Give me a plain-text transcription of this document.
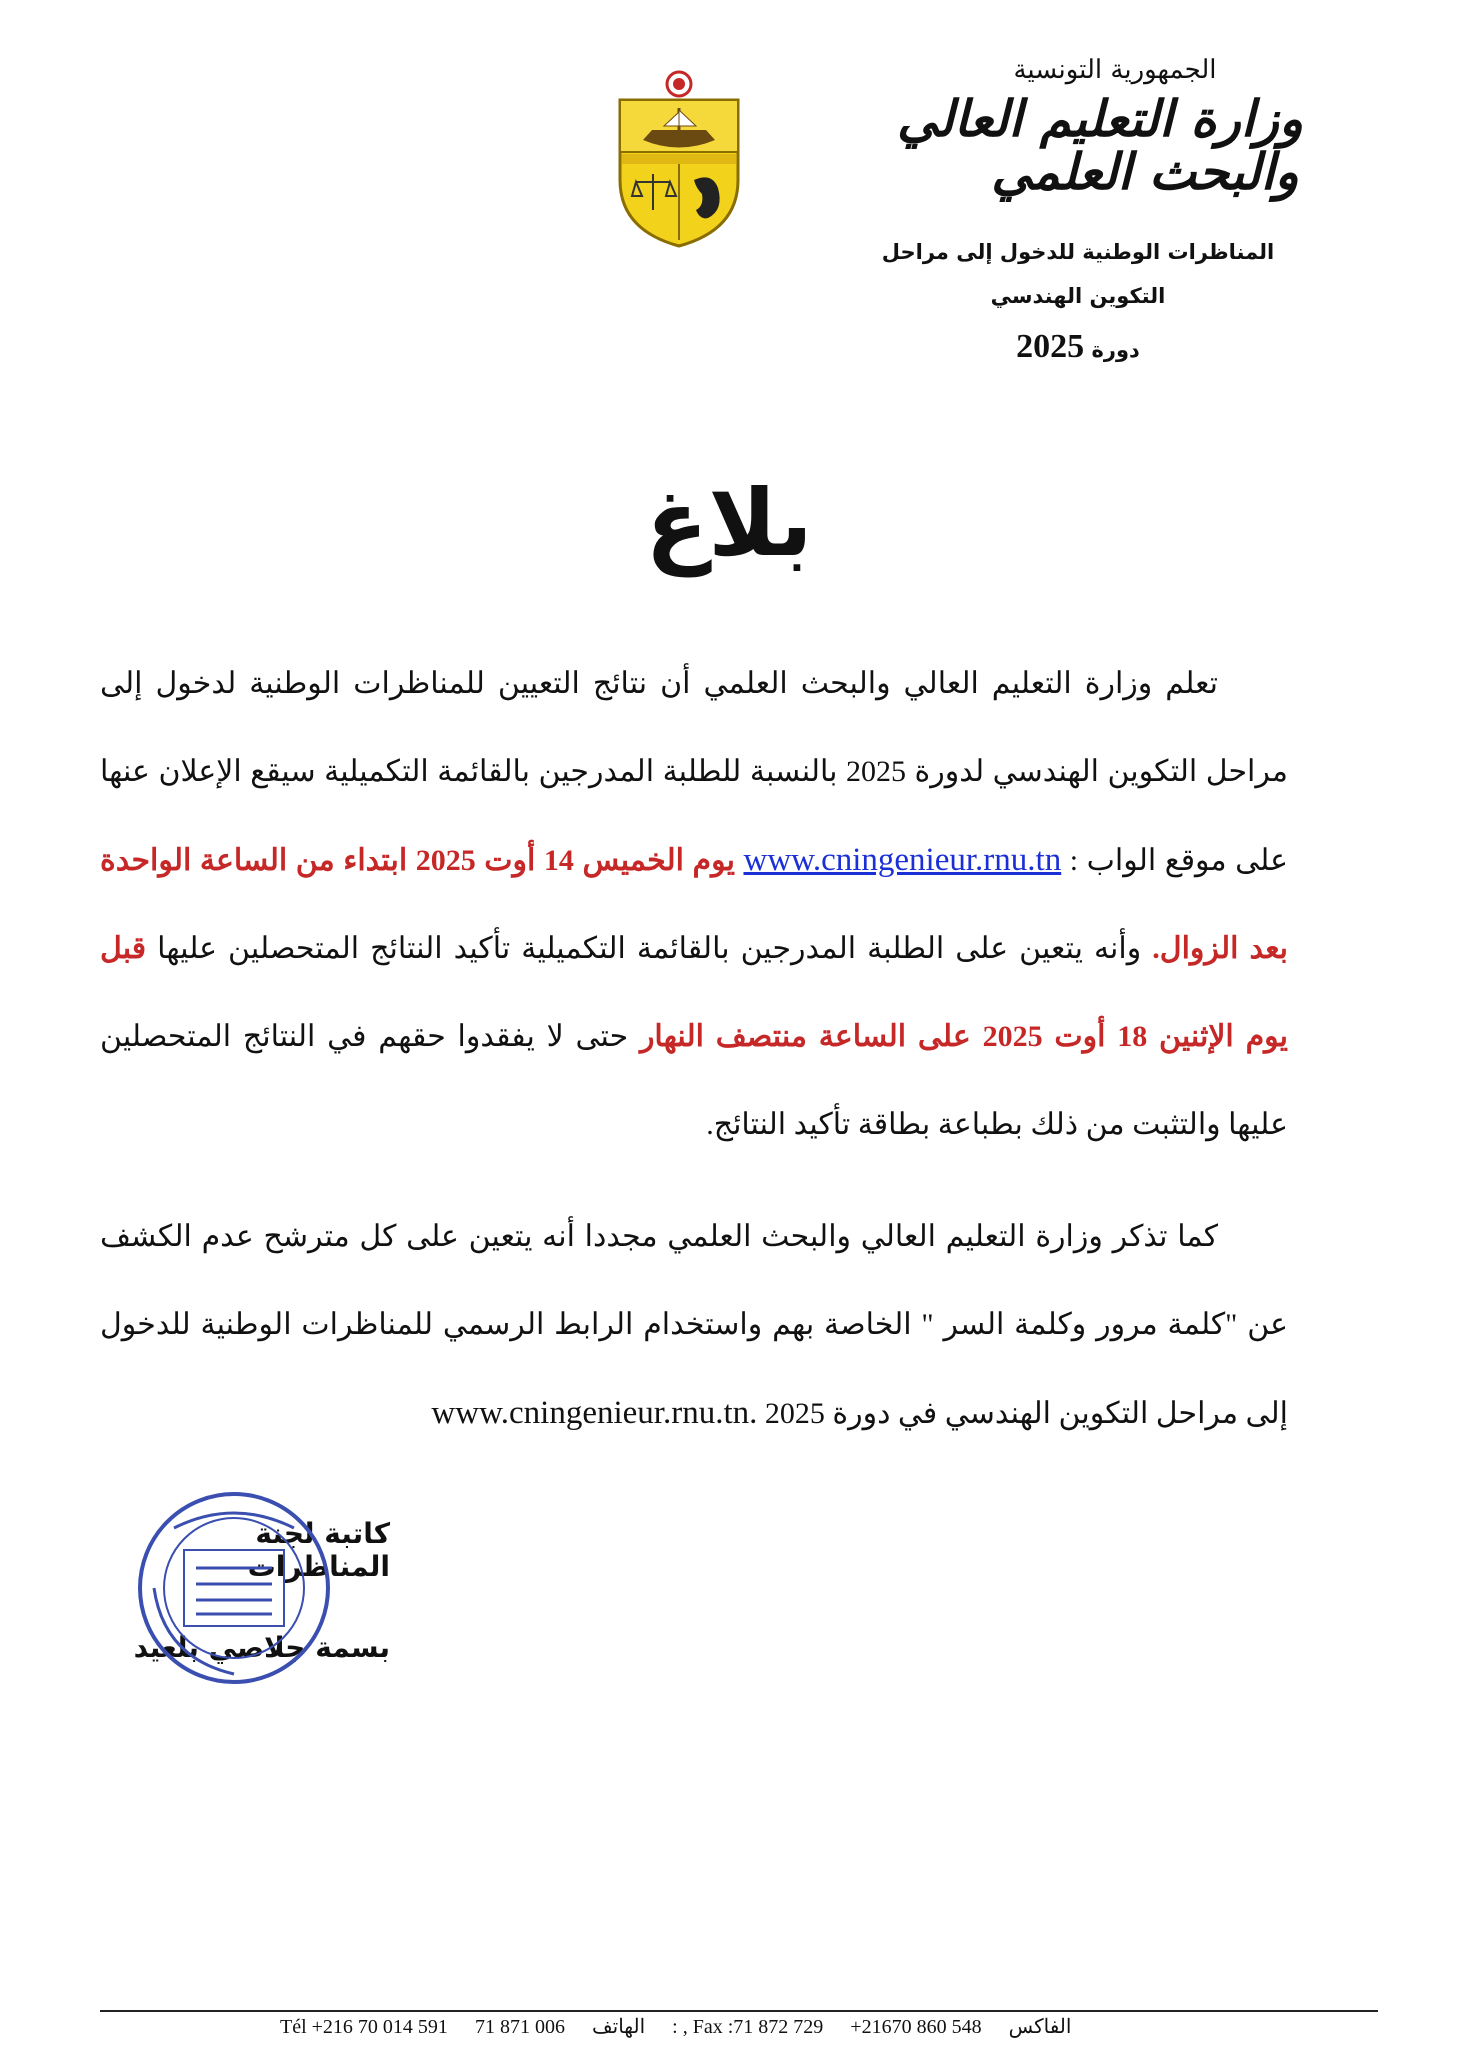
الجمهورية التونسية
وزارة التعليم العالي
والبحث العلمي
المناظرات الوطنية للدخول إلى مراحل
التكوين الهندسي
دورة 2025
بلاغ

تعلم وزارة التعليم العالي والبحث العلمي أن نتائج التعيين للمناظرات الوطنية لدخول إلى مراحل التكوين الهندسي لدورة 2025 بالنسبة للطلبة المدرجين بالقائمة التكميلية سيقع الإعلان عنها على موقع الواب : www.cningenieur.rnu.tn يوم الخميس 14 أوت 2025 ابتداء من الساعة الواحدة بعد الزوال. وأنه يتعين على الطلبة المدرجين بالقائمة التكميلية تأكيد النتائج المتحصلين عليها قبل يوم الإثنين 18 أوت 2025 على الساعة منتصف النهار حتى لا يفقدوا حقهم في النتائج المتحصلين عليها والتثبت من ذلك بطباعة بطاقة تأكيد النتائج.

كما تذكر وزارة التعليم العالي والبحث العلمي مجددا أنه يتعين على كل مترشح عدم الكشف عن "كلمة مرور وكلمة السر " الخاصة بهم واستخدام الرابط الرسمي للمناظرات الوطنية للدخول إلى مراحل التكوين الهندسي في دورة 2025 www.cningenieur.rnu.tn.

كاتبة لجنة المناظرات
بسمة جلاصي بلعيد
Tél +216 70 014 591 71 871 006 الهاتف : , Fax :71 872 729 +21670 860 548 الفاكس
